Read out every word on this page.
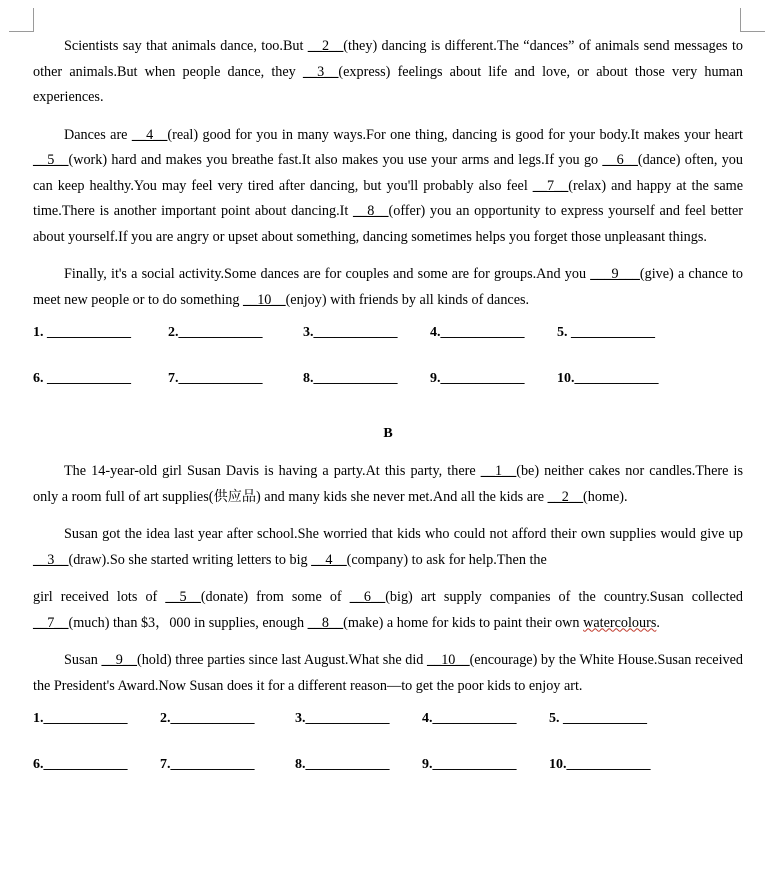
Scientists say that animals dance, too.But __2__(they) dancing is different.The “dances” of animals send messages to other animals.But when people dance, they __3__(express) feelings about life and love, or about those very human experiences.

Dances are __4__(real) good for you in many ways.For one thing, dancing is good for your body.It makes your heart __5__(work) hard and makes you breathe fast.It also makes you use your arms and legs.If you go __6__(dance) often, you can keep healthy.You may feel very tired after dancing, but you'll probably also feel __7__(relax) and happy at the same time.There is another important point about dancing.It __8__(offer) you an opportunity to express yourself and feel better about yourself.If you are angry or upset about something, dancing sometimes helps you forget those unpleasant things.

Finally, it's a social activity.Some dances are for couples and some are for groups.And you ___9___(give) a chance to meet new people or to do something __10__(enjoy) with friends by all kinds of dances.

1. ____________	2.____________	3.____________ 4.____________ 5. ____________
6. ____________	7.____________	8.____________ 9.____________ 10.____________
B

The 14-year-old girl Susan Davis is having a party.At this party, there __1__(be) neither cakes nor candles.There is only a room full of art supplies(供应品) and many kids she never met.And all the kids are __2__(home).

Susan got the idea last year after school.She worried that kids who could not afford their own supplies would give up __3__(draw).So she started writing letters to big __4__(company) to ask for help.Then the

girl received lots of __5__(donate) from some of __6__(big) art supply companies of the country.Susan collected __7__(much) than $3，000 in supplies, enough __8__(make) a home for kids to paint their own watercolours.

Susan __9__(hold) three parties since last August.What she did __10__(encourage) by the White House.Susan received the President's Award.Now Susan does it for a different reason—to get the poor kids to enjoy art.

1.____________ 2.____________	3.____________ 4.____________ 5. ____________
6.____________ 7.____________	8.____________ 9.____________ 10.____________
